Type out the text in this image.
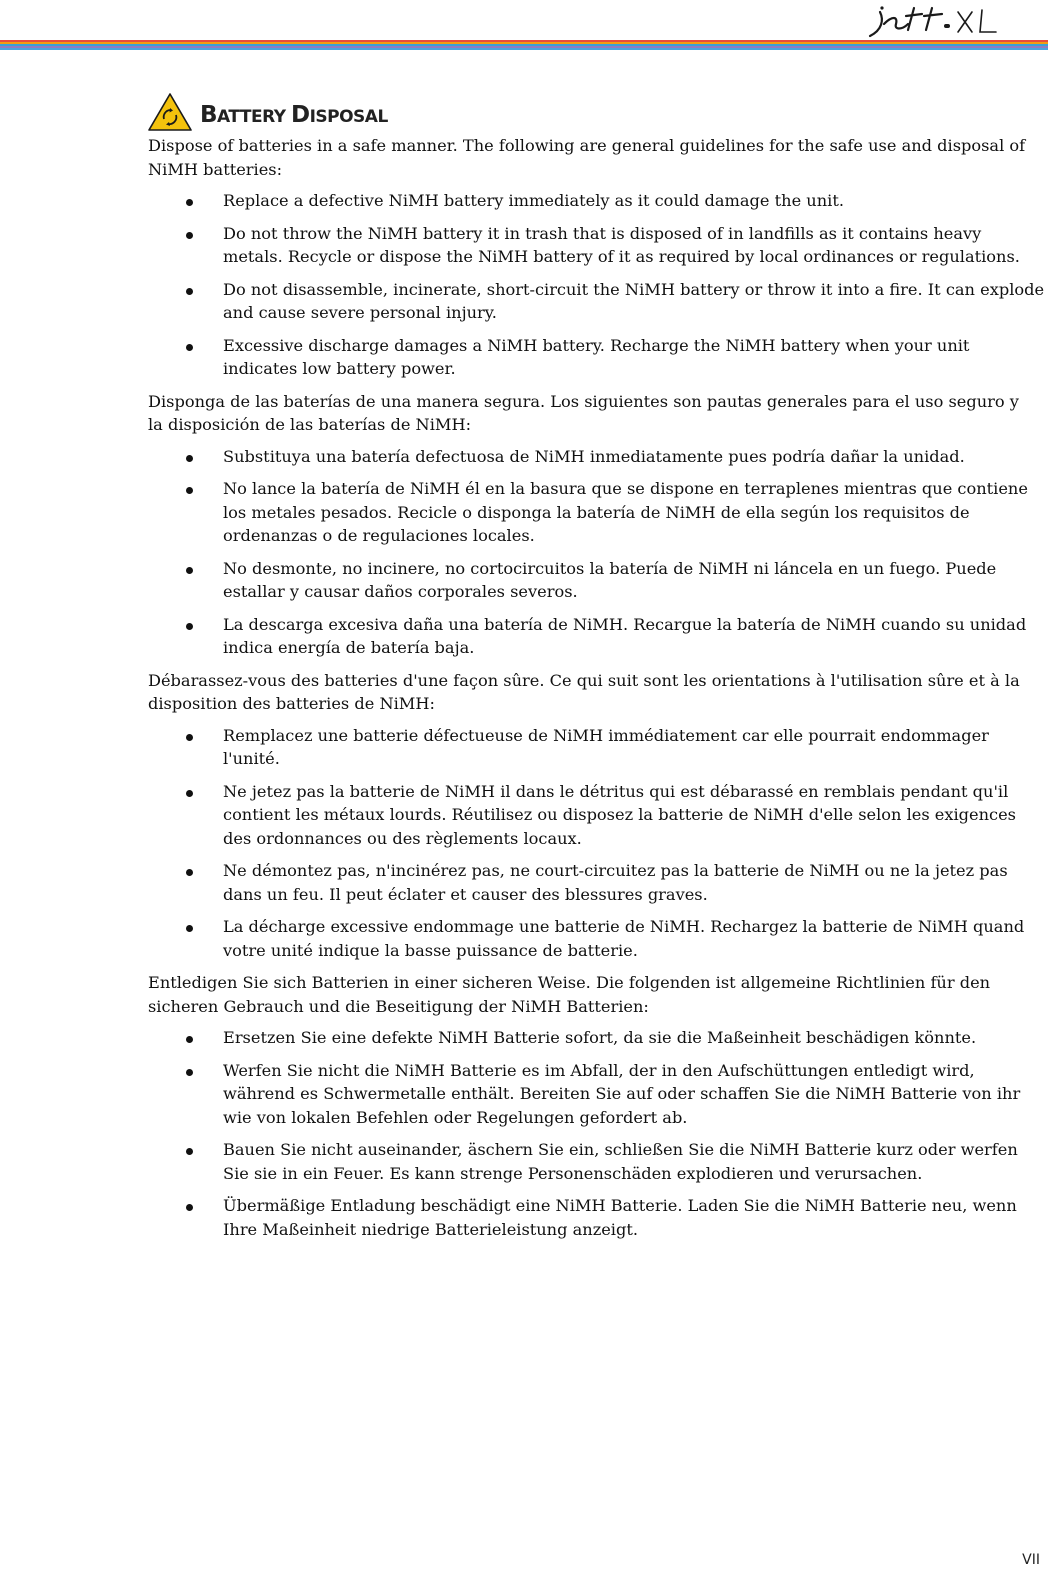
BATTERY DISPOSAL

Dispose of batteries in a safe manner. The following are general guidelines for the safe use and disposal of NiMH batteries:

Replace a defective NiMH battery immediately as it could damage the unit.
Do not throw the NiMH battery it in trash that is disposed of in landfills as it contains heavy metals. Recycle or dispose the NiMH battery of it as required by local ordinances or regulations.
Do not disassemble, incinerate, short-circuit the NiMH battery or throw it into a fire. It can explode and cause severe personal injury.
Excessive discharge damages a NiMH battery. Recharge the NiMH battery when your unit indicates low battery power.

Disponga de las baterías de una manera segura. Los siguientes son pautas generales para el uso seguro y la disposición de las baterías de NiMH:

Substituya una batería defectuosa de NiMH inmediatamente pues podría dañar la unidad.
No lance la batería de NiMH él en la basura que se dispone en terraplenes mientras que contiene los metales pesados. Recicle o disponga la batería de NiMH de ella según los requisitos de ordenanzas o de regulaciones locales.
No desmonte, no incinere, no cortocircuitos la batería de NiMH ni láncela en un fuego. Puede estallar y causar daños corporales severos.
La descarga excesiva daña una batería de NiMH. Recargue la batería de NiMH cuando su unidad indica energía de batería baja.

Débarassez-vous des batteries d'une façon sûre. Ce qui suit sont les orientations à l'utilisation sûre et à la disposition des batteries de NiMH:

Remplacez une batterie défectueuse de NiMH immédiatement car elle pourrait endommager l'unité.
Ne jetez pas la batterie de NiMH il dans le détritus qui est débarassé en remblais pendant qu'il contient les métaux lourds. Réutilisez ou disposez la batterie de NiMH d'elle selon les exigences des ordonnances ou des règlements locaux.
Ne démontez pas, n'incinérez pas, ne court-circuitez pas la batterie de NiMH ou ne la jetez pas dans un feu. Il peut éclater et causer des blessures graves.
La décharge excessive endommage une batterie de NiMH. Rechargez la batterie de NiMH quand votre unité indique la basse puissance de batterie.

Entledigen Sie sich Batterien in einer sicheren Weise. Die folgenden ist allgemeine Richtlinien für den sicheren Gebrauch und die Beseitigung der NiMH Batterien:

Ersetzen Sie eine defekte NiMH Batterie sofort, da sie die Maßeinheit beschädigen könnte.
Werfen Sie nicht die NiMH Batterie es im Abfall, der in den Aufschüttungen entledigt wird, während es Schwermetalle enthält. Bereiten Sie auf oder schaffen Sie die NiMH Batterie von ihr wie von lokalen Befehlen oder Regelungen gefordert ab.
Bauen Sie nicht auseinander, äschern Sie ein, schließen Sie die NiMH Batterie kurz oder werfen Sie sie in ein Feuer. Es kann strenge Personenschäden explodieren und verursachen.
Übermäßige Entladung beschädigt eine NiMH Batterie. Laden Sie die NiMH Batterie neu, wenn Ihre Maßeinheit niedrige Batterieleistung anzeigt.
VII
